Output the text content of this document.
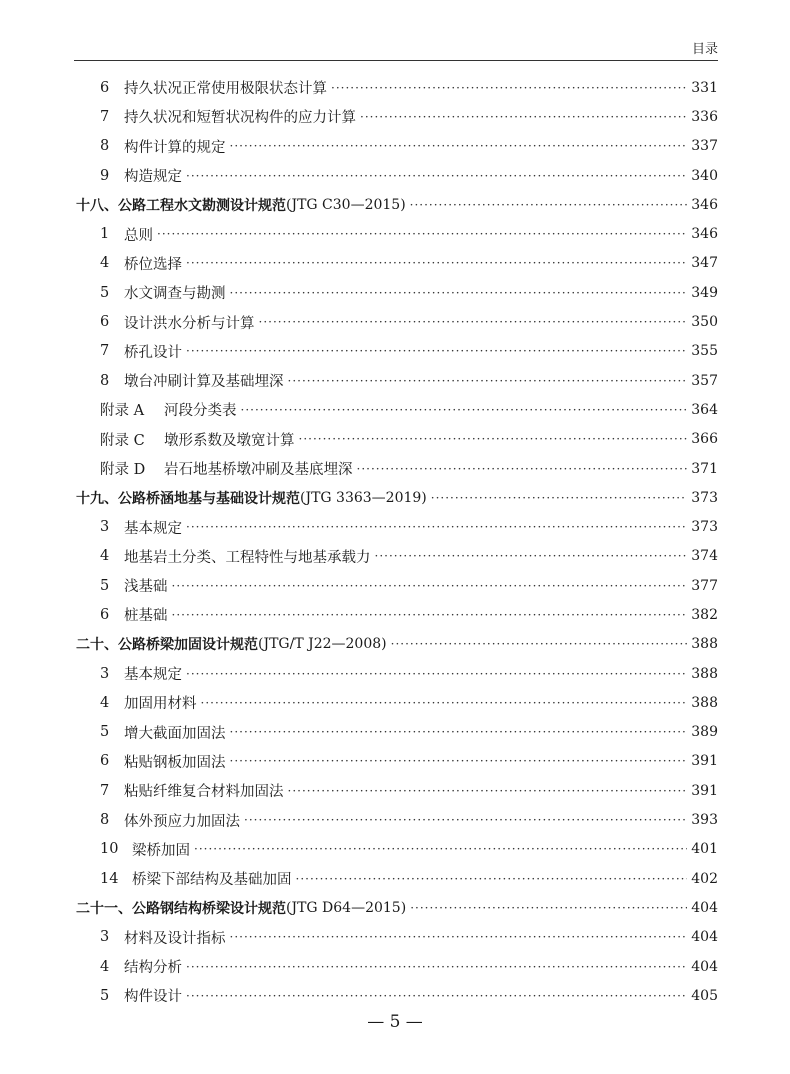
目录
6	持久状况正常使用极限状态计算 ·····	331
7	持久状况和短暂状况构件的应力计算 ·····	336
8	构件计算的规定 ·····	337
9	构造规定 ·····	340
十八、公路工程水文勘测设计规范 (JTG C30—2015) ·····	346
1	总则 ·····	346
4	桥位选择 ·····	347
5	水文调查与勘测 ·····	349
6	设计洪水分析与计算 ·····	350
7	桥孔设计 ·····	355
8	墩台冲刷计算及基础埋深 ·····	357
附录 A	河段分类表 ·····	364
附录 C	墩形系数及墩宽计算 ·····	366
附录 D	岩石地基桥墩冲刷及基底埋深 ·····	371
十九、公路桥涵地基与基础设计规范 (JTG 3363—2019) ·····	373
3	基本规定 ·····	373
4	地基岩土分类、工程特性与地基承载力 ·····	374
5	浅基础 ·····	377
6	桩基础 ·····	382
二十、公路桥梁加固设计规范 (JTG/T J22—2008) ·····	388
3	基本规定 ·····	388
4	加固用材料 ·····	388
5	增大截面加固法 ·····	389
6	粘贴钢板加固法 ·····	391
7	粘贴纤维复合材料加固法 ·····	391
8	体外预应力加固法 ·····	393
10 梁桥加固 ·····	401
14 桥梁下部结构及基础加固 ·····	402
二十一、公路钢结构桥梁设计规范 (JTG D64—2015) ·····	404
3	材料及设计指标 ·····	404
4	结构分析 ·····	404
5	构件设计 ·····	405
— 5 —
